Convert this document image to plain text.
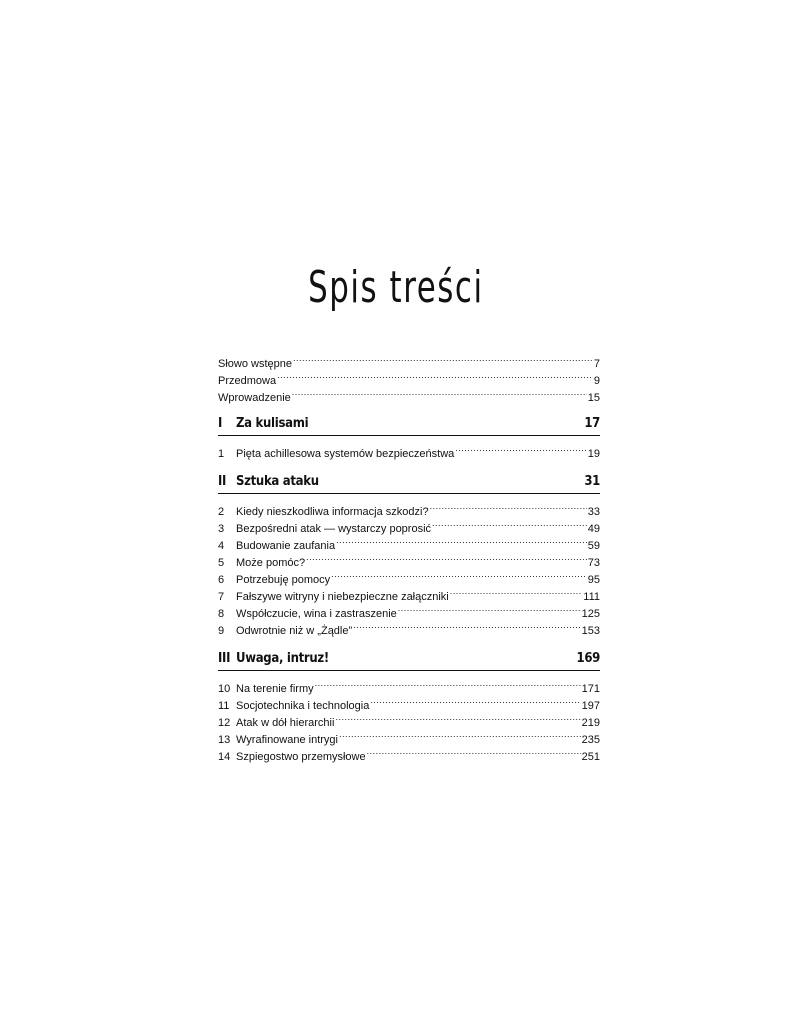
Spis treści
Słowo wstępne .....	7
Przedmowa .....	9
Wprowadzenie .....	15
I	Za kulisami	17
1	Pięta achillesowa systemów bezpieczeństwa .....	19
II Sztuka ataku	31
2	Kiedy nieszkodliwa informacja szkodzi? .....	33
3	Bezpośredni atak — wystarczy poprosić .....	49
4	Budowanie zaufania .....	59
5	Może pomóc? .....	73
6	Potrzebuję pomocy .....	95
7	Fałszywe witryny i niebezpieczne załączniki .....	111
8	Współczucie, wina i zastraszenie .....	125
9	Odwrotnie niż w „Żądle” .....	153
III Uwaga, intruz!	169
10 Na terenie firmy .....	171
11 Socjotechnika i technologia .....	197
12 Atak w dół hierarchii .....	219
13 Wyrafinowane intrygi .....	235
14 Szpiegostwo przemysłowe .....	251
